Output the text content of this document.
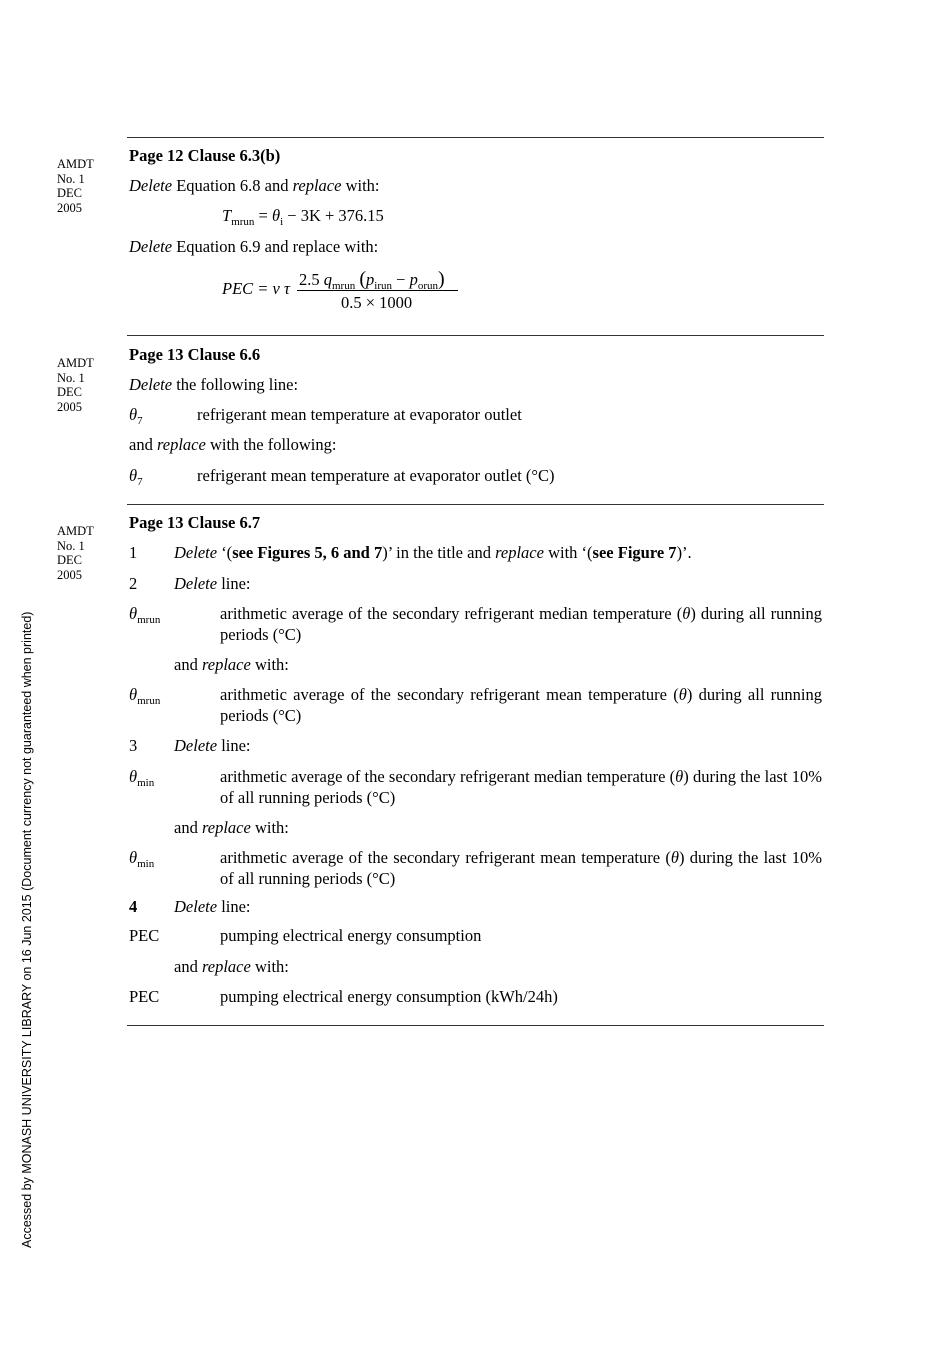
Accessed by MONASH UNIVERSITY LIBRARY on 16 Jun 2015 (Document currency not guaranteed when printed)
AMDT
No. 1
DEC
2005
Page 12 Clause 6.3(b)
Delete Equation 6.8 and replace with:
$T_{mrun} = \theta_i - 3K + 376.15$
Delete Equation 6.9 and replace with:
PEC = ν τ 2.5 $q_{mrun}$ $(p_{irun} - p_{orun})$
0.5 × 1000
AMDT
No. 1
DEC
2005
Page 13 Clause 6.6
Delete the following line:
$\theta_7$	refrigerant mean temperature at evaporator outlet
and replace with the following:
$\theta_7$	refrigerant mean temperature at evaporator outlet (°C)
AMDT
No. 1
DEC
2005
Page 13 Clause 6.7
1 Delete ‘(see Figures 5, 6 and 7)’ in the title and replace with ‘(see Figure 7)’.
2 Delete line:
$\theta_{mrun}$	arithmetic average of the secondary refrigerant median temperature (θ) during all running periods (°C)
and replace with:
$\theta_{mrun}$	arithmetic average of the secondary refrigerant mean temperature (θ) during all running periods (°C)
3 Delete line:
$\theta_{min}$	arithmetic average of the secondary refrigerant median temperature (θ) during the last 10% of all running periods (°C)
and replace with:
$\theta_{min}$	arithmetic average of the secondary refrigerant mean temperature (θ) during the last 10% of all running periods (°C)
4 Delete line:
PEC	pumping electrical energy consumption
and replace with:
PEC	pumping electrical energy consumption (kWh/24h)
